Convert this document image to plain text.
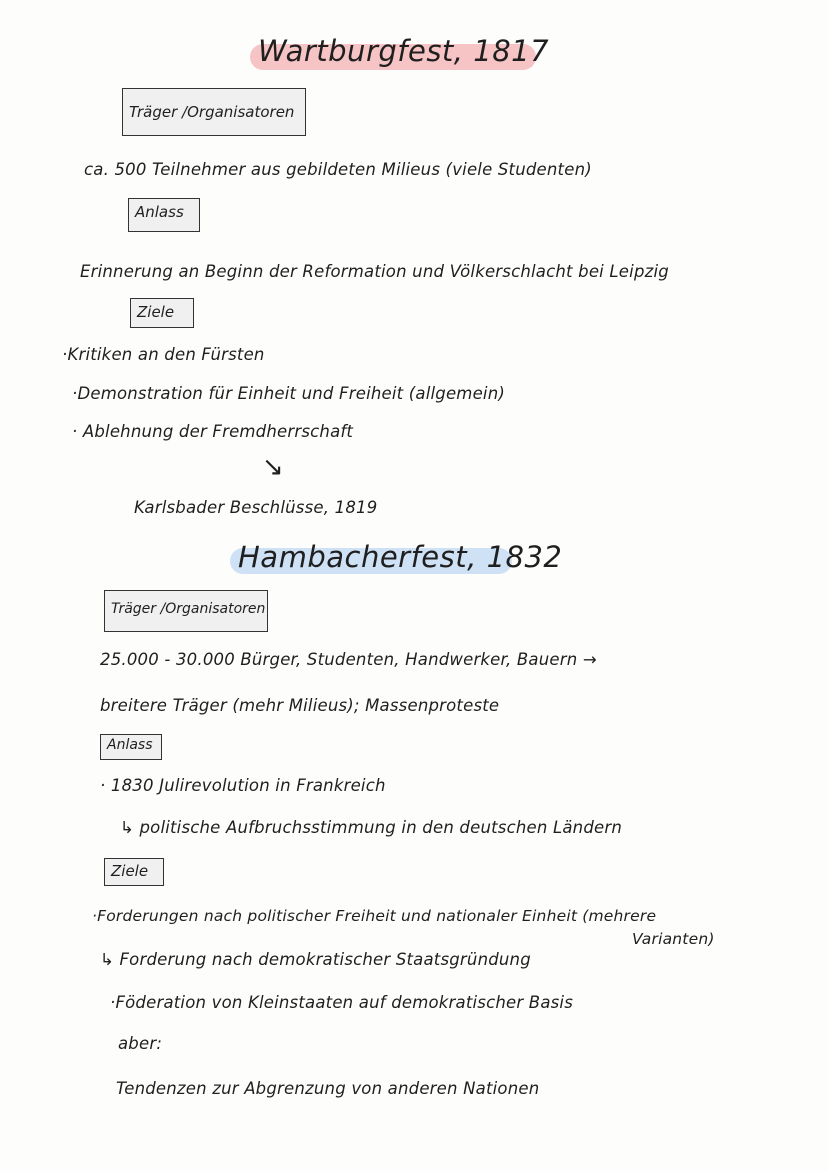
Wartburgfest, 1817
Träger /Organisatoren
ca. 500 Teilnehmer aus gebildeten Milieus (viele Studenten)
Anlass
Erinnerung an Beginn der Reformation und Völkerschlacht bei Leipzig
Ziele
·Kritiken an den Fürsten
·Demonstration für Einheit und Freiheit (allgemein)
· Ablehnung der Fremdherrschaft
↘
Karlsbader Beschlüsse, 1819
Hambacherfest, 1832
Träger /Organisatoren
25.000 - 30.000 Bürger, Studenten, Handwerker, Bauern →
breitere Träger (mehr Milieus); Massenproteste
Anlass
· 1830 Julirevolution in Frankreich
↳ politische Aufbruchsstimmung in den deutschen Ländern
Ziele
·Forderungen nach politischer Freiheit und nationaler Einheit (mehrere
Varianten)
↳ Forderung nach demokratischer Staatsgründung
·Föderation von Kleinstaaten auf demokratischer Basis
aber:
Tendenzen zur Abgrenzung von anderen Nationen
